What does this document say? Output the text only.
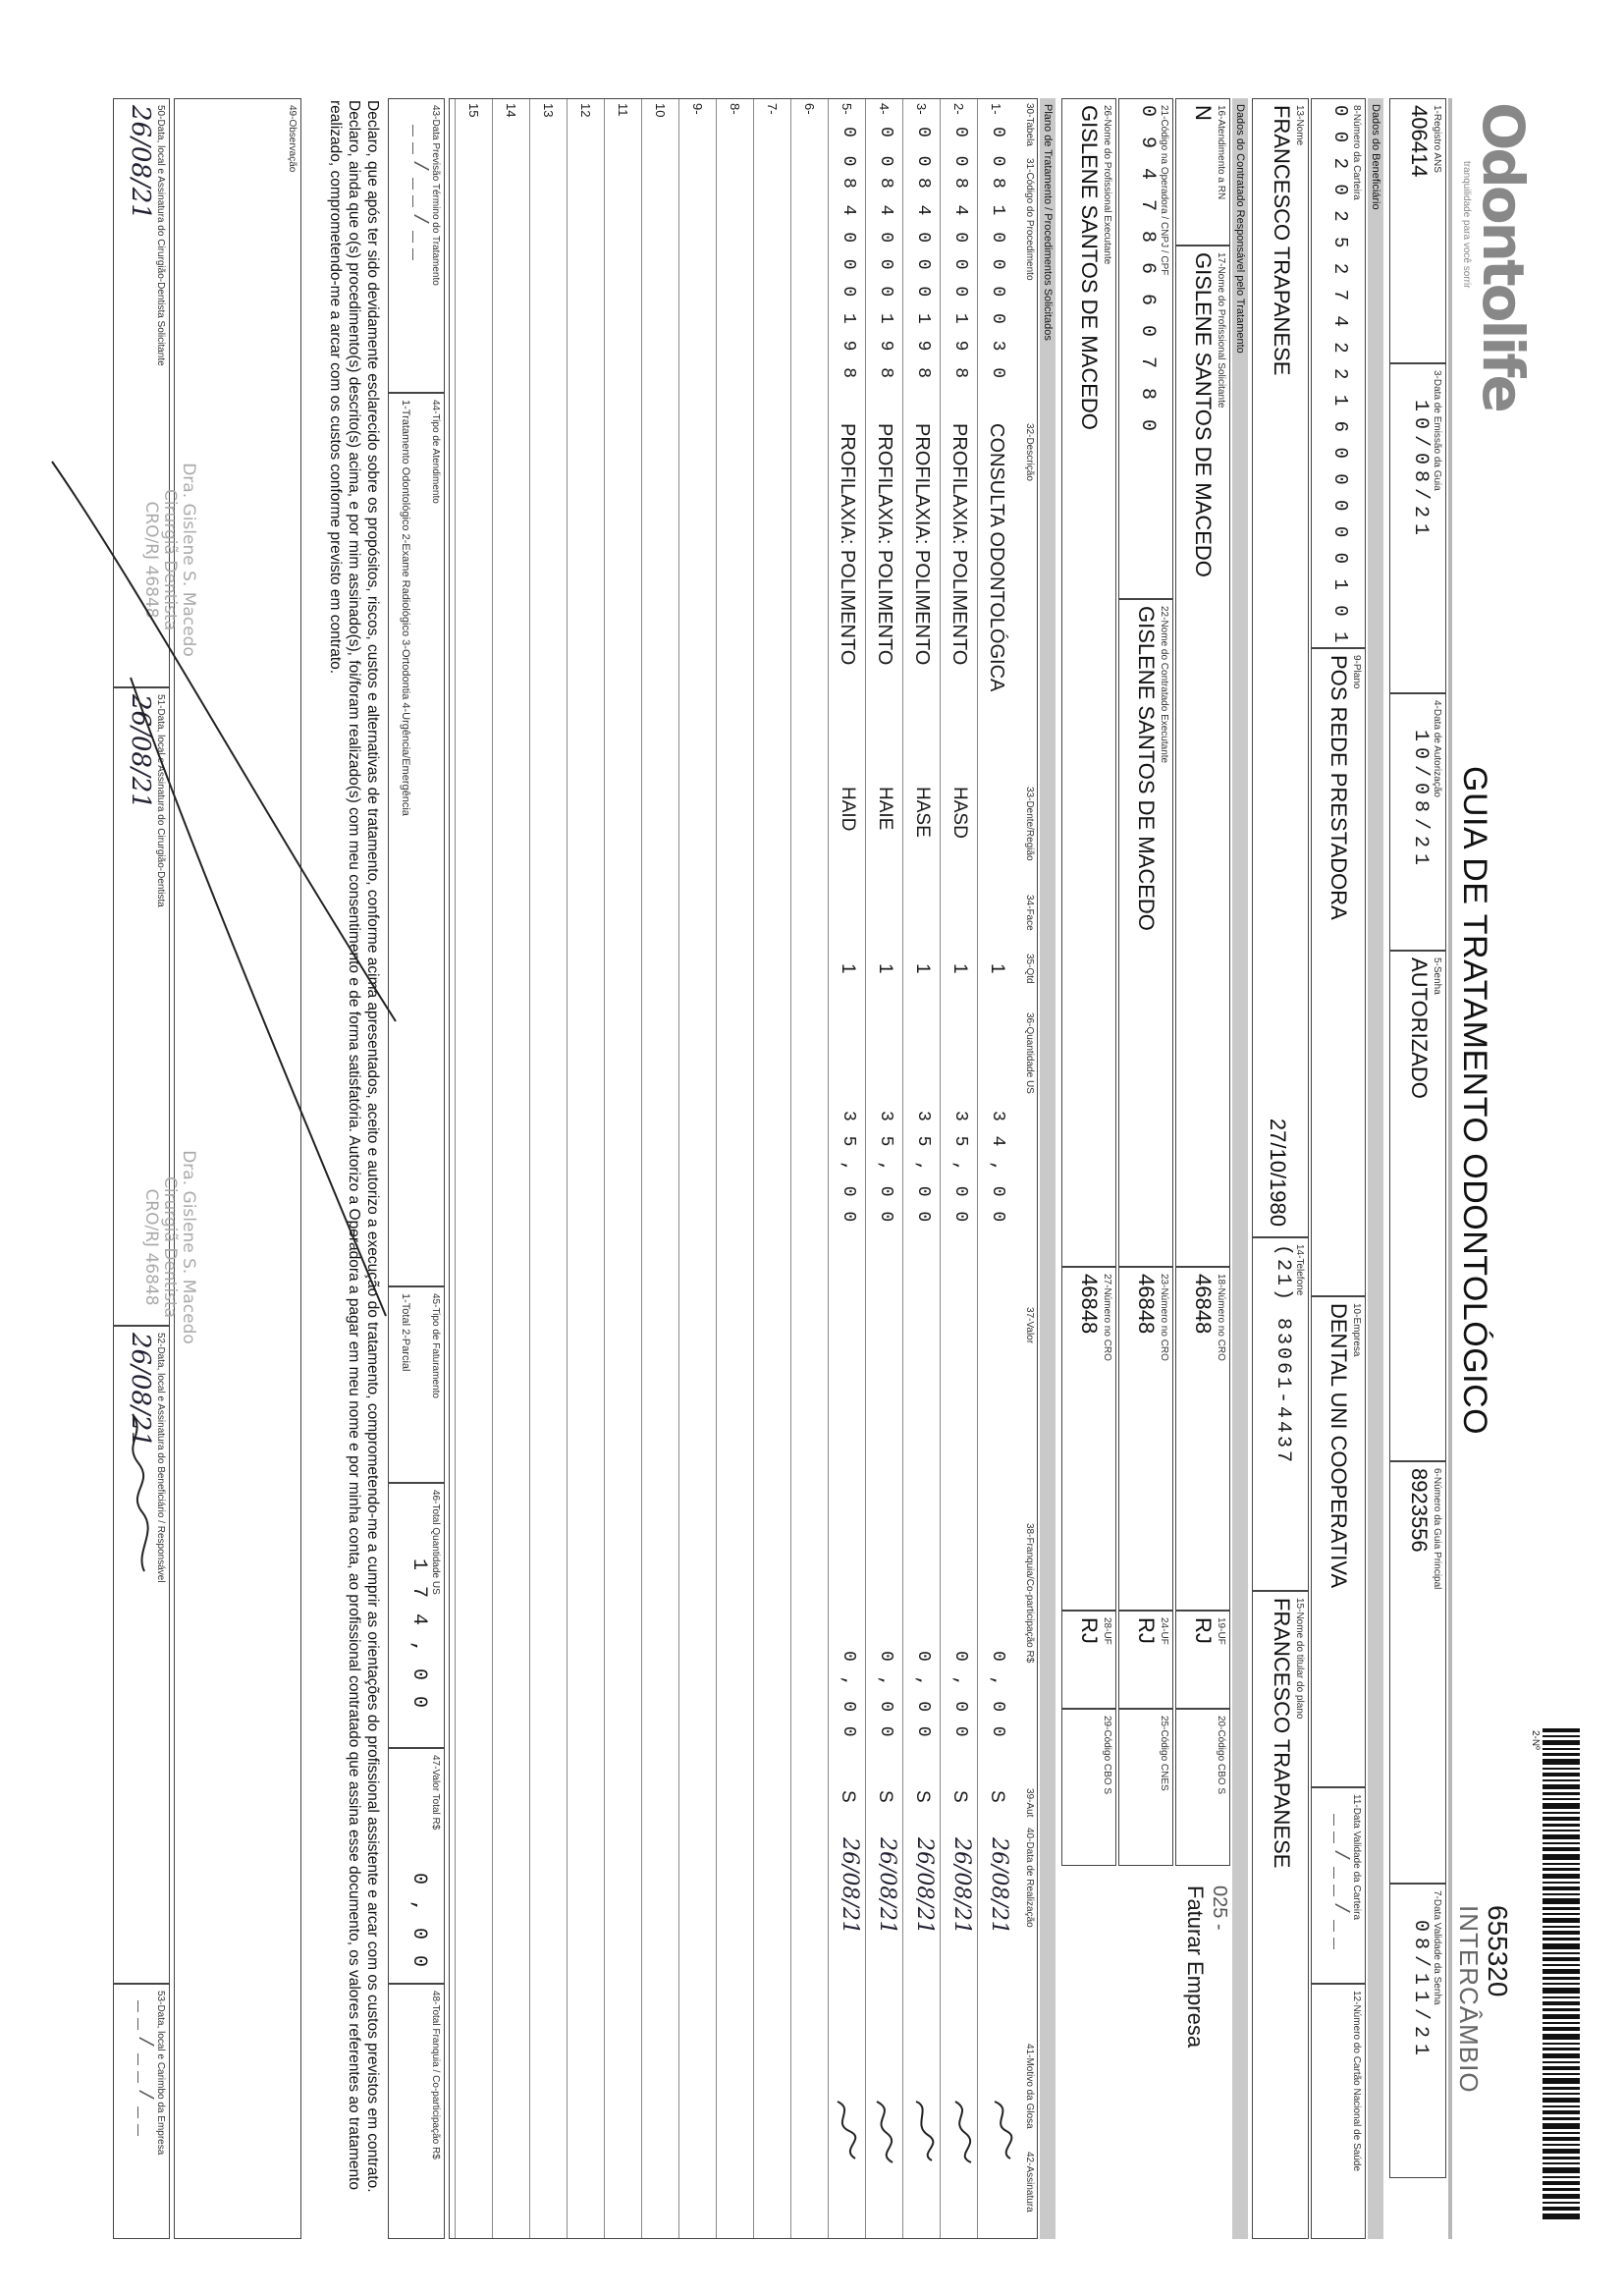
Odontolife
tranquilidade para você sorrir
GUIA DE TRATAMENTO ODONTOLÓGICO
2-Nº
655320
INTERCÂMBIO
1-Registro ANS
406414
3-Data de Emissão da Guia
10/08/21
4-Data de Autorização
10/08/21
5-Senha
AUTORIZADO
6-Número da Guia Principal
8923556
7-Data Validade da Senha
08/11/21
Dados do Beneficiário
8-Número da Carteira
0 0 2 0 2 5 2 7 4 2 2 1 6 0 0 0 0 0 1 0 1
9-Plano
POS REDE PRESTADORA
10-Empresa
DENTAL UNI COOPERATIVA
11-Data Validade da Carteira
__/__/__
12-Número do Cartão Nacional de Saúde
13-Nome
FRANCESCO TRAPANESE
27/10/1980
14-Telefone
(21) 83061-4437
15-Nome do titular do plano
FRANCESCO TRAPANESE
Dados do Contratado Responsável pelo Tratamento
16-Atendimento a RN
N
17-Nome do Profissional Solicitante
GISLENE SANTOS DE MACEDO
18-Número no CRO
46848
19-UF
RJ
20-Código CBO S
025 -
Faturar Empresa
21-Código na Operadora / CNPJ / CPF
0 9 4 7 8 6 6 0 7 8 0
22-Nome do Contratado Executante
GISLENE SANTOS DE MACEDO
23-Número no CRO
46848
24-UF
RJ
25-Código CNES
26-Nome do Profissional Executante
GISLENE SANTOS DE MACEDO
27-Número no CRO
46848
28-UF
RJ
29-Código CBO S
Plano de Tratamento / Procedimentos Solicitados
30-Tabela
31-Código do Procedimento
32-Descrição
33-Dente/Região
34-Face
35-Qtd
36-Quantidade US
37-Valor
38-Franquia/Co-participação R$
39-Aut
40-Data de Realização
41-Motivo da Glosa
42-Assinatura
1-
0 0
8 1 0 0 0 0 3 0
CONSULTA ODONTOLÓGICA
1
3 4 , 0 0
0 , 0 0
S
26/08/21
2-
0 0
8 4 0 0 0 1 9 8
PROFILAXIA: POLIMENTO
HASD
1
3 5 , 0 0
0 , 0 0
S
26/08/21
3-
0 0
8 4 0 0 0 1 9 8
PROFILAXIA: POLIMENTO
HASE
1
3 5 , 0 0
0 , 0 0
S
26/08/21
4-
0 0
8 4 0 0 0 1 9 8
PROFILAXIA: POLIMENTO
HAIE
1
3 5 , 0 0
0 , 0 0
S
26/08/21
5-
0 0
8 4 0 0 0 1 9 8
PROFILAXIA: POLIMENTO
HAID
1
3 5 , 0 0
0 , 0 0
S
26/08/21
6-
7-
8-
9-
10
11
12
13
14
15
43-Data Previsão Término do Tratamento
__/__/__
44-Tipo de Atendimento
1-Tratamento Odontológico 2-Exame Radiológico 3-Ortodontia 4-Urgência/Emergência
45-Tipo de Faturamento
1-Total 2-Parcial
46-Total Quantidade US
1 7 4 , 0 0
47-Valor Total R$
0 , 0 0
48-Total Franquia / Co-participação R$
Declaro, que após ter sido devidamente esclarecido sobre os propósitos, riscos, custos e alternativas de tratamento, conforme acima apresentados, aceito e autorizo a execução do tratamento, comprometendo-me a cumprir as orientações do profissional assistente e arcar com os custos previstos em contrato. Declaro, ainda que o(s) procedimento(s) descrito(s) acima, e por mim assinado(s), foi/foram realizado(s) com meu consentimento e de forma satisfatória. Autorizo a Operadora a pagar em meu nome e por minha conta, ao profissional contratado que assina esse documento, os valores referentes ao tratamento realizado, comprometendo-me a arcar com os custos conforme previsto em contrato.
49-Observação
50-Data, local e Assinatura do Cirurgião-Dentista Solicitante
26/08/21
51-Data, local e Assinatura do Cirurgião-Dentista
26/08/21
52-Data, local e Assinatura do Beneficiário / Responsável
26/08/21
53-Data, local e Carimbo da Empresa
__/__/__
Dra. Gislene S. Macedo
Cirurgiã Dentista
CRO/RJ 46848
Dra. Gislene S. Macedo
Cirurgiã Dentista
CRO/RJ 46848
